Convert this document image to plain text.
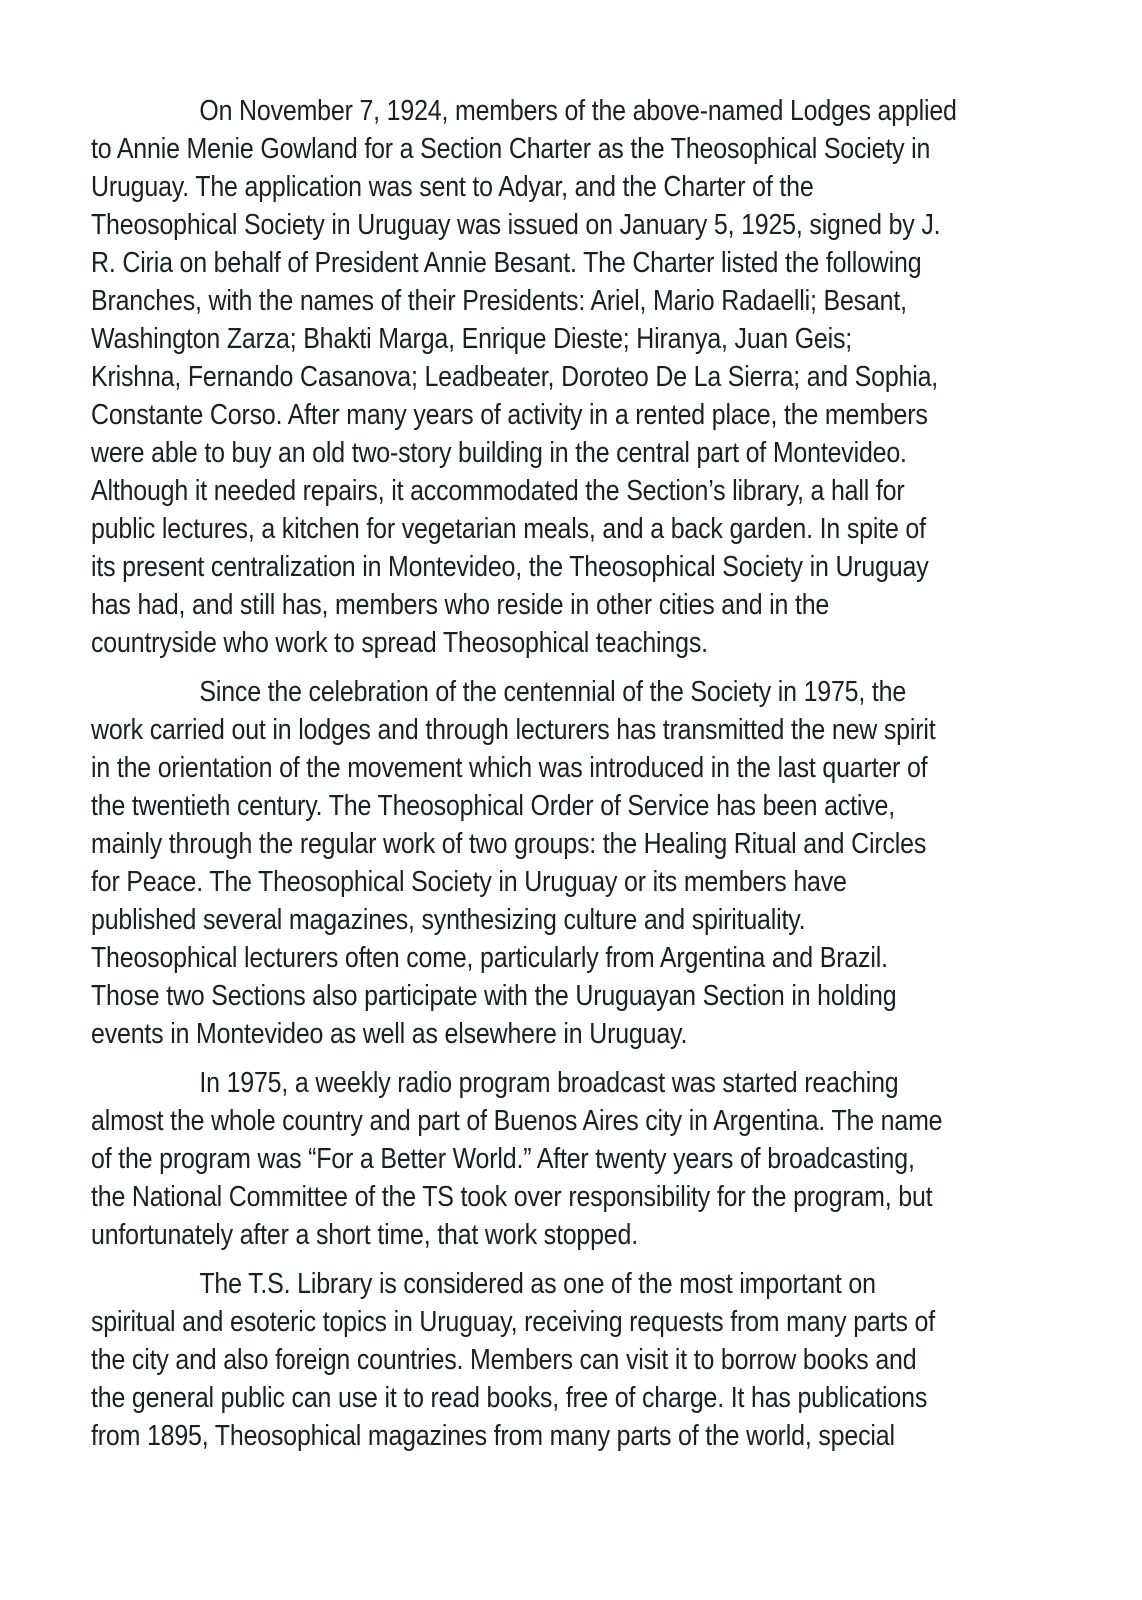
On November 7, 1924, members of the above-named Lodges applied
to Annie Menie Gowland for a Section Charter as the Theosophical Society in
Uruguay. The application was sent to Adyar, and the Charter of the
Theosophical Society in Uruguay was issued on January 5, 1925, signed by J.
R. Ciria on behalf of President Annie Besant. The Charter listed the following
Branches, with the names of their Presidents: Ariel, Mario Radaelli; Besant,
Washington Zarza; Bhakti Marga, Enrique Dieste; Hiranya, Juan Geis;
Krishna, Fernando Casanova; Leadbeater, Doroteo De La Sierra; and Sophia,
Constante Corso. After many years of activity in a rented place, the members
were able to buy an old two-story building in the central part of Montevideo.
Although it needed repairs, it accommodated the Section’s library, a hall for
public lectures, a kitchen for vegetarian meals, and a back garden. In spite of
its present centralization in Montevideo, the Theosophical Society in Uruguay
has had, and still has, members who reside in other cities and in the
countryside who work to spread Theosophical teachings.

Since the celebration of the centennial of the Society in 1975, the
work carried out in lodges and through lecturers has transmitted the new spirit
in the orientation of the movement which was introduced in the last quarter of
the twentieth century. The Theosophical Order of Service has been active,
mainly through the regular work of two groups: the Healing Ritual and Circles
for Peace. The Theosophical Society in Uruguay or its members have
published several magazines, synthesizing culture and spirituality.
Theosophical lecturers often come, particularly from Argentina and Brazil.
Those two Sections also participate with the Uruguayan Section in holding
events in Montevideo as well as elsewhere in Uruguay.

In 1975, a weekly radio program broadcast was started reaching
almost the whole country and part of Buenos Aires city in Argentina. The name
of the program was “For a Better World.” After twenty years of broadcasting,
the National Committee of the TS took over responsibility for the program, but
unfortunately after a short time, that work stopped.

The T.S. Library is considered as one of the most important on
spiritual and esoteric topics in Uruguay, receiving requests from many parts of
the city and also foreign countries. Members can visit it to borrow books and
the general public can use it to read books, free of charge. It has publications
from 1895, Theosophical magazines from many parts of the world, special
